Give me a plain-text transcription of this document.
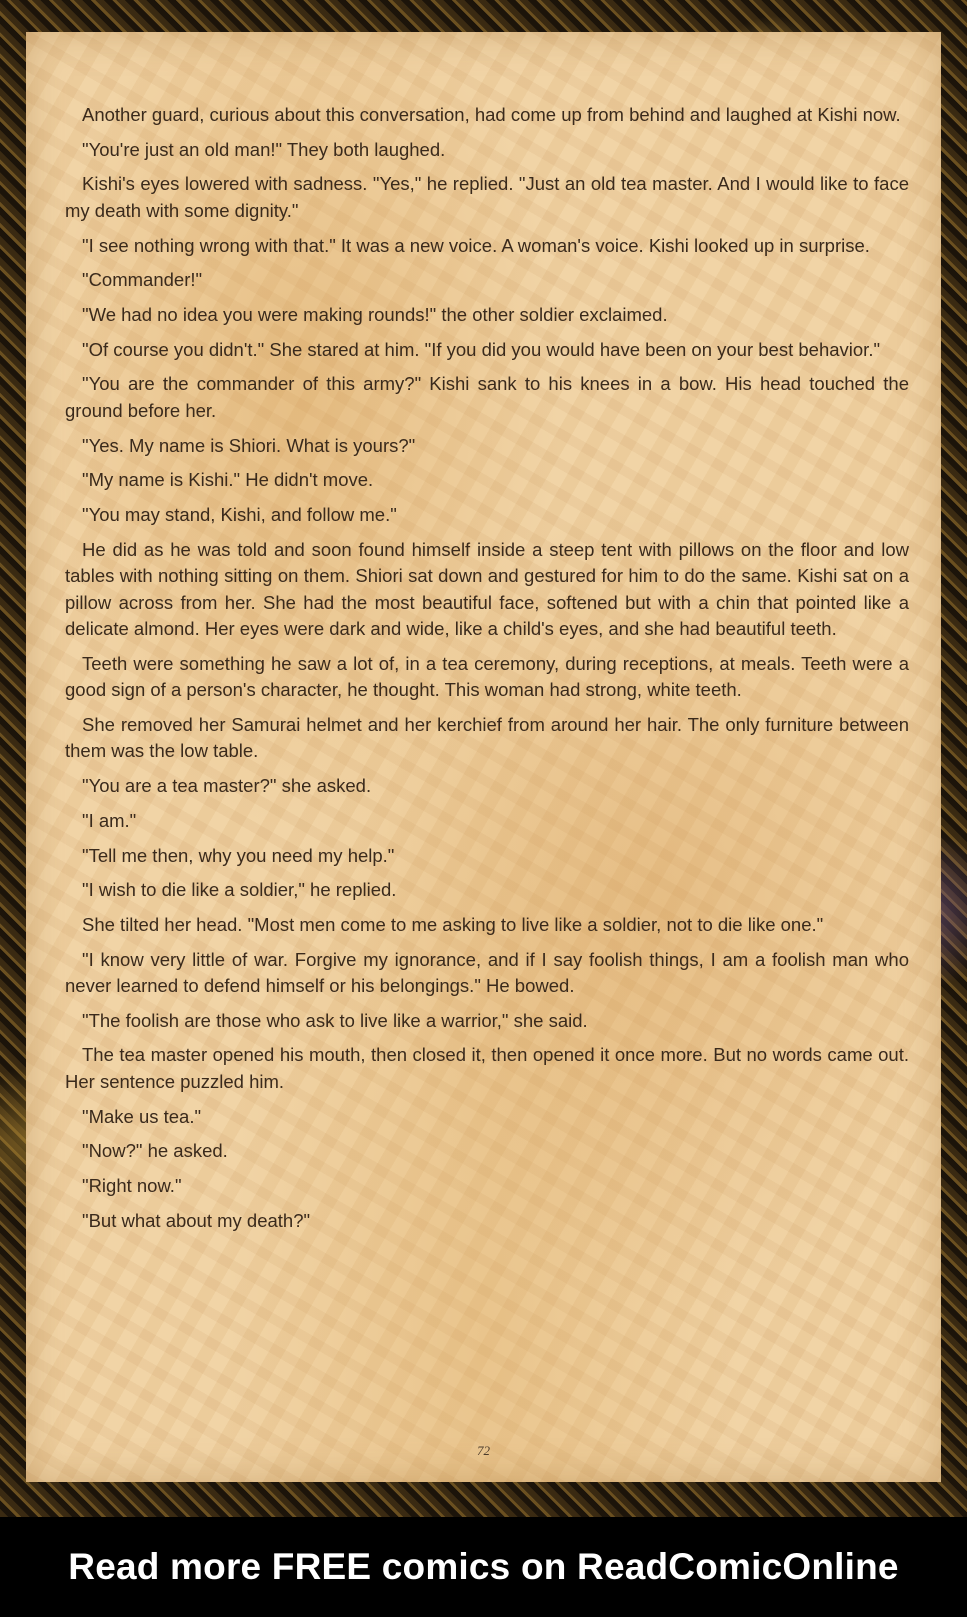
Another guard, curious about this conversation, had come up from behind and laughed at Kishi now.

"You're just an old man!" They both laughed.

Kishi's eyes lowered with sadness. "Yes," he replied. "Just an old tea master. And I would like to face my death with some dignity."

"I see nothing wrong with that." It was a new voice. A woman's voice. Kishi looked up in surprise.

"Commander!"

"We had no idea you were making rounds!" the other soldier exclaimed.

"Of course you didn't." She stared at him. "If you did you would have been on your best behavior."

"You are the commander of this army?" Kishi sank to his knees in a bow. His head touched the ground before her.

"Yes. My name is Shiori. What is yours?"

"My name is Kishi." He didn't move.

"You may stand, Kishi, and follow me."

He did as he was told and soon found himself inside a steep tent with pillows on the floor and low tables with nothing sitting on them. Shiori sat down and gestured for him to do the same. Kishi sat on a pillow across from her. She had the most beautiful face, softened but with a chin that pointed like a delicate almond. Her eyes were dark and wide, like a child's eyes, and she had beautiful teeth.

Teeth were something he saw a lot of, in a tea ceremony, during receptions, at meals. Teeth were a good sign of a person's character, he thought. This woman had strong, white teeth.

She removed her Samurai helmet and her kerchief from around her hair. The only furniture between them was the low table.

"You are a tea master?" she asked.

"I am."

"Tell me then, why you need my help."

"I wish to die like a soldier," he replied.

She tilted her head. "Most men come to me asking to live like a soldier, not to die like one."

"I know very little of war. Forgive my ignorance, and if I say foolish things, I am a foolish man who never learned to defend himself or his belongings." He bowed.

"The foolish are those who ask to live like a warrior," she said.

The tea master opened his mouth, then closed it, then opened it once more. But no words came out. Her sentence puzzled him.

"Make us tea."

"Now?" he asked.

"Right now."

"But what about my death?"

72
Read more FREE comics on ReadComicOnline
